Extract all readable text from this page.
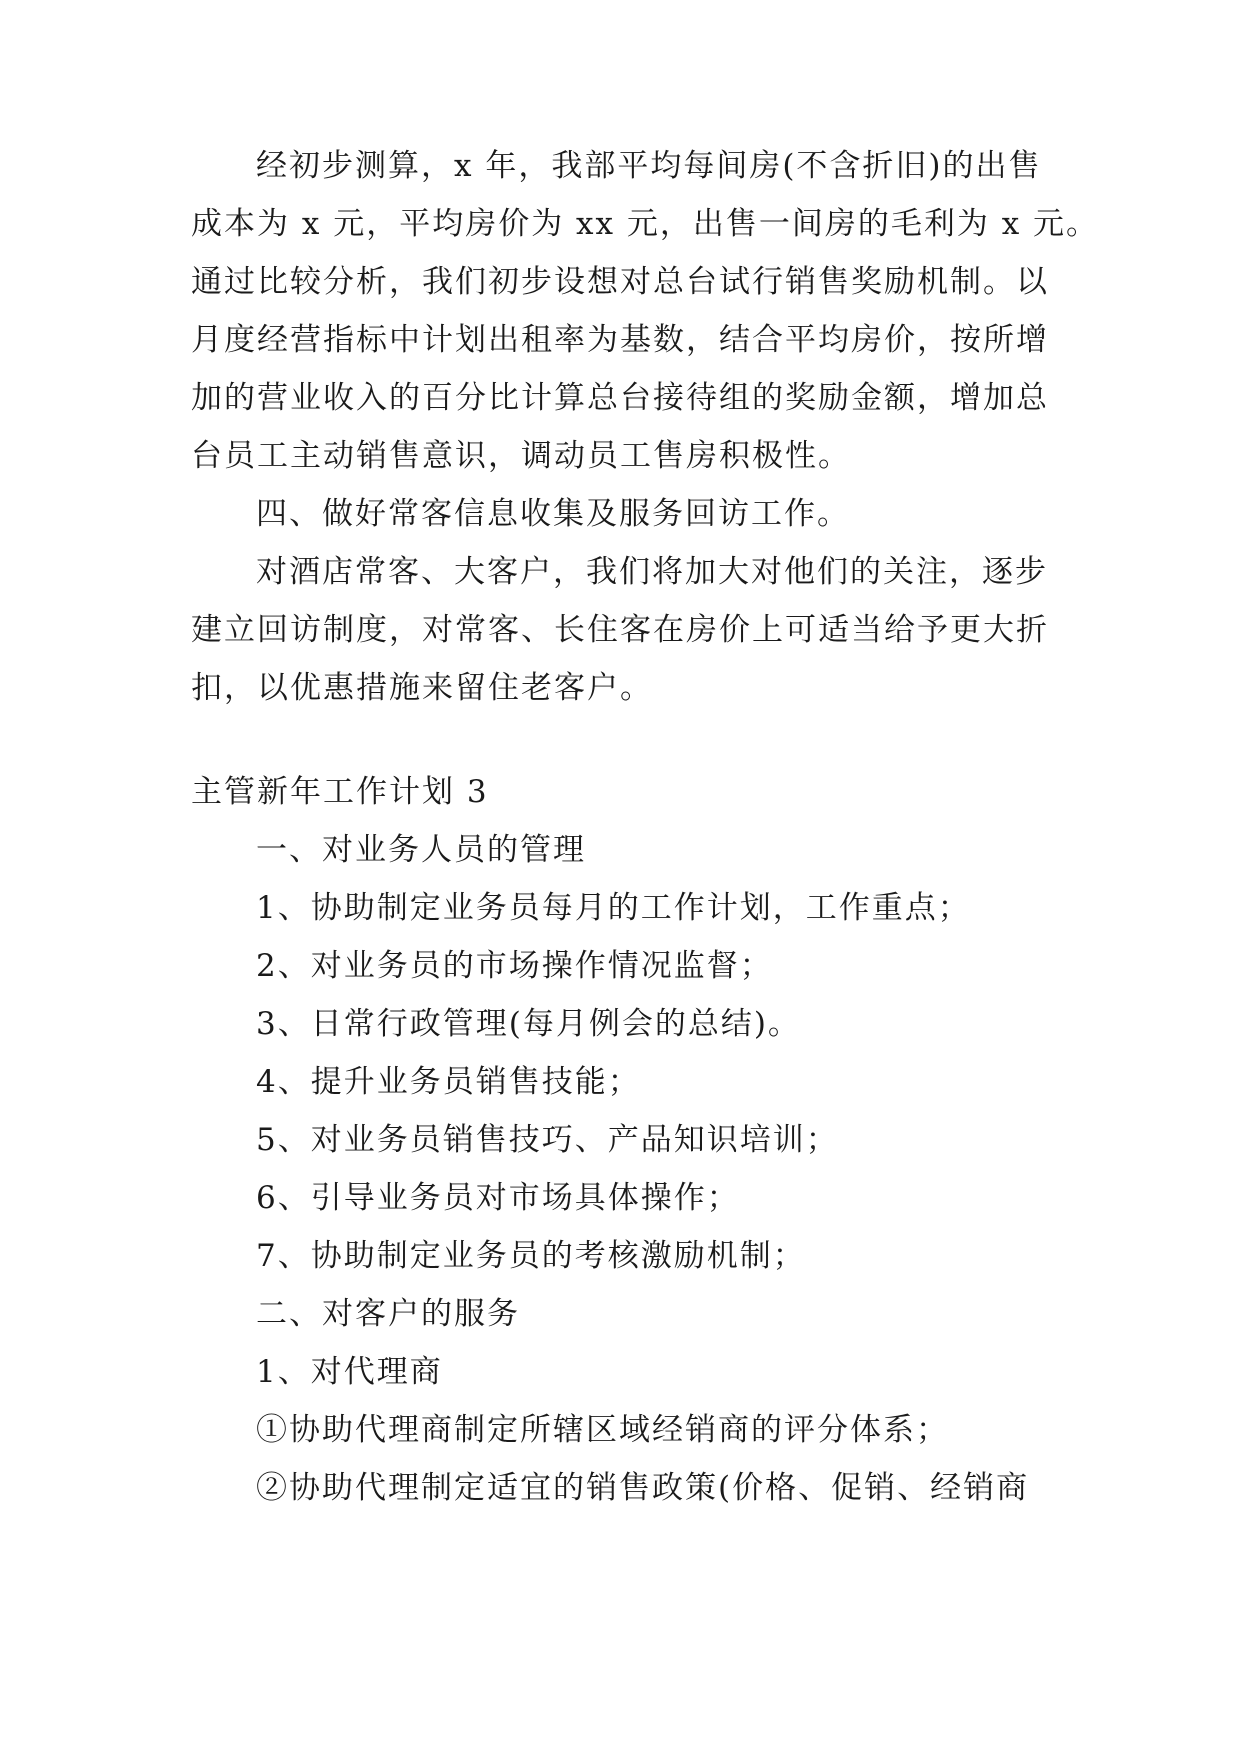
经初步测算，x 年，我部平均每间房(不含折旧)的出售
成本为 x 元，平均房价为 xx 元，出售一间房的毛利为 x 元。
通过比较分析，我们初步设想对总台试行销售奖励机制。以
月度经营指标中计划出租率为基数，结合平均房价，按所增
加的营业收入的百分比计算总台接待组的奖励金额，增加总
台员工主动销售意识，调动员工售房积极性。
四、做好常客信息收集及服务回访工作。
对酒店常客、大客户，我们将加大对他们的关注，逐步
建立回访制度，对常客、长住客在房价上可适当给予更大折
扣，以优惠措施来留住老客户。
主管新年工作计划 3
一、对业务人员的管理
1、协助制定业务员每月的工作计划，工作重点；
2、对业务员的市场操作情况监督；
3、日常行政管理(每月例会的总结)。
4、提升业务员销售技能；
5、对业务员销售技巧、产品知识培训；
6、引导业务员对市场具体操作；
7、协助制定业务员的考核激励机制；
二、对客户的服务
1、对代理商
①协助代理商制定所辖区域经销商的评分体系；
②协助代理制定适宜的销售政策(价格、促销、经销商
